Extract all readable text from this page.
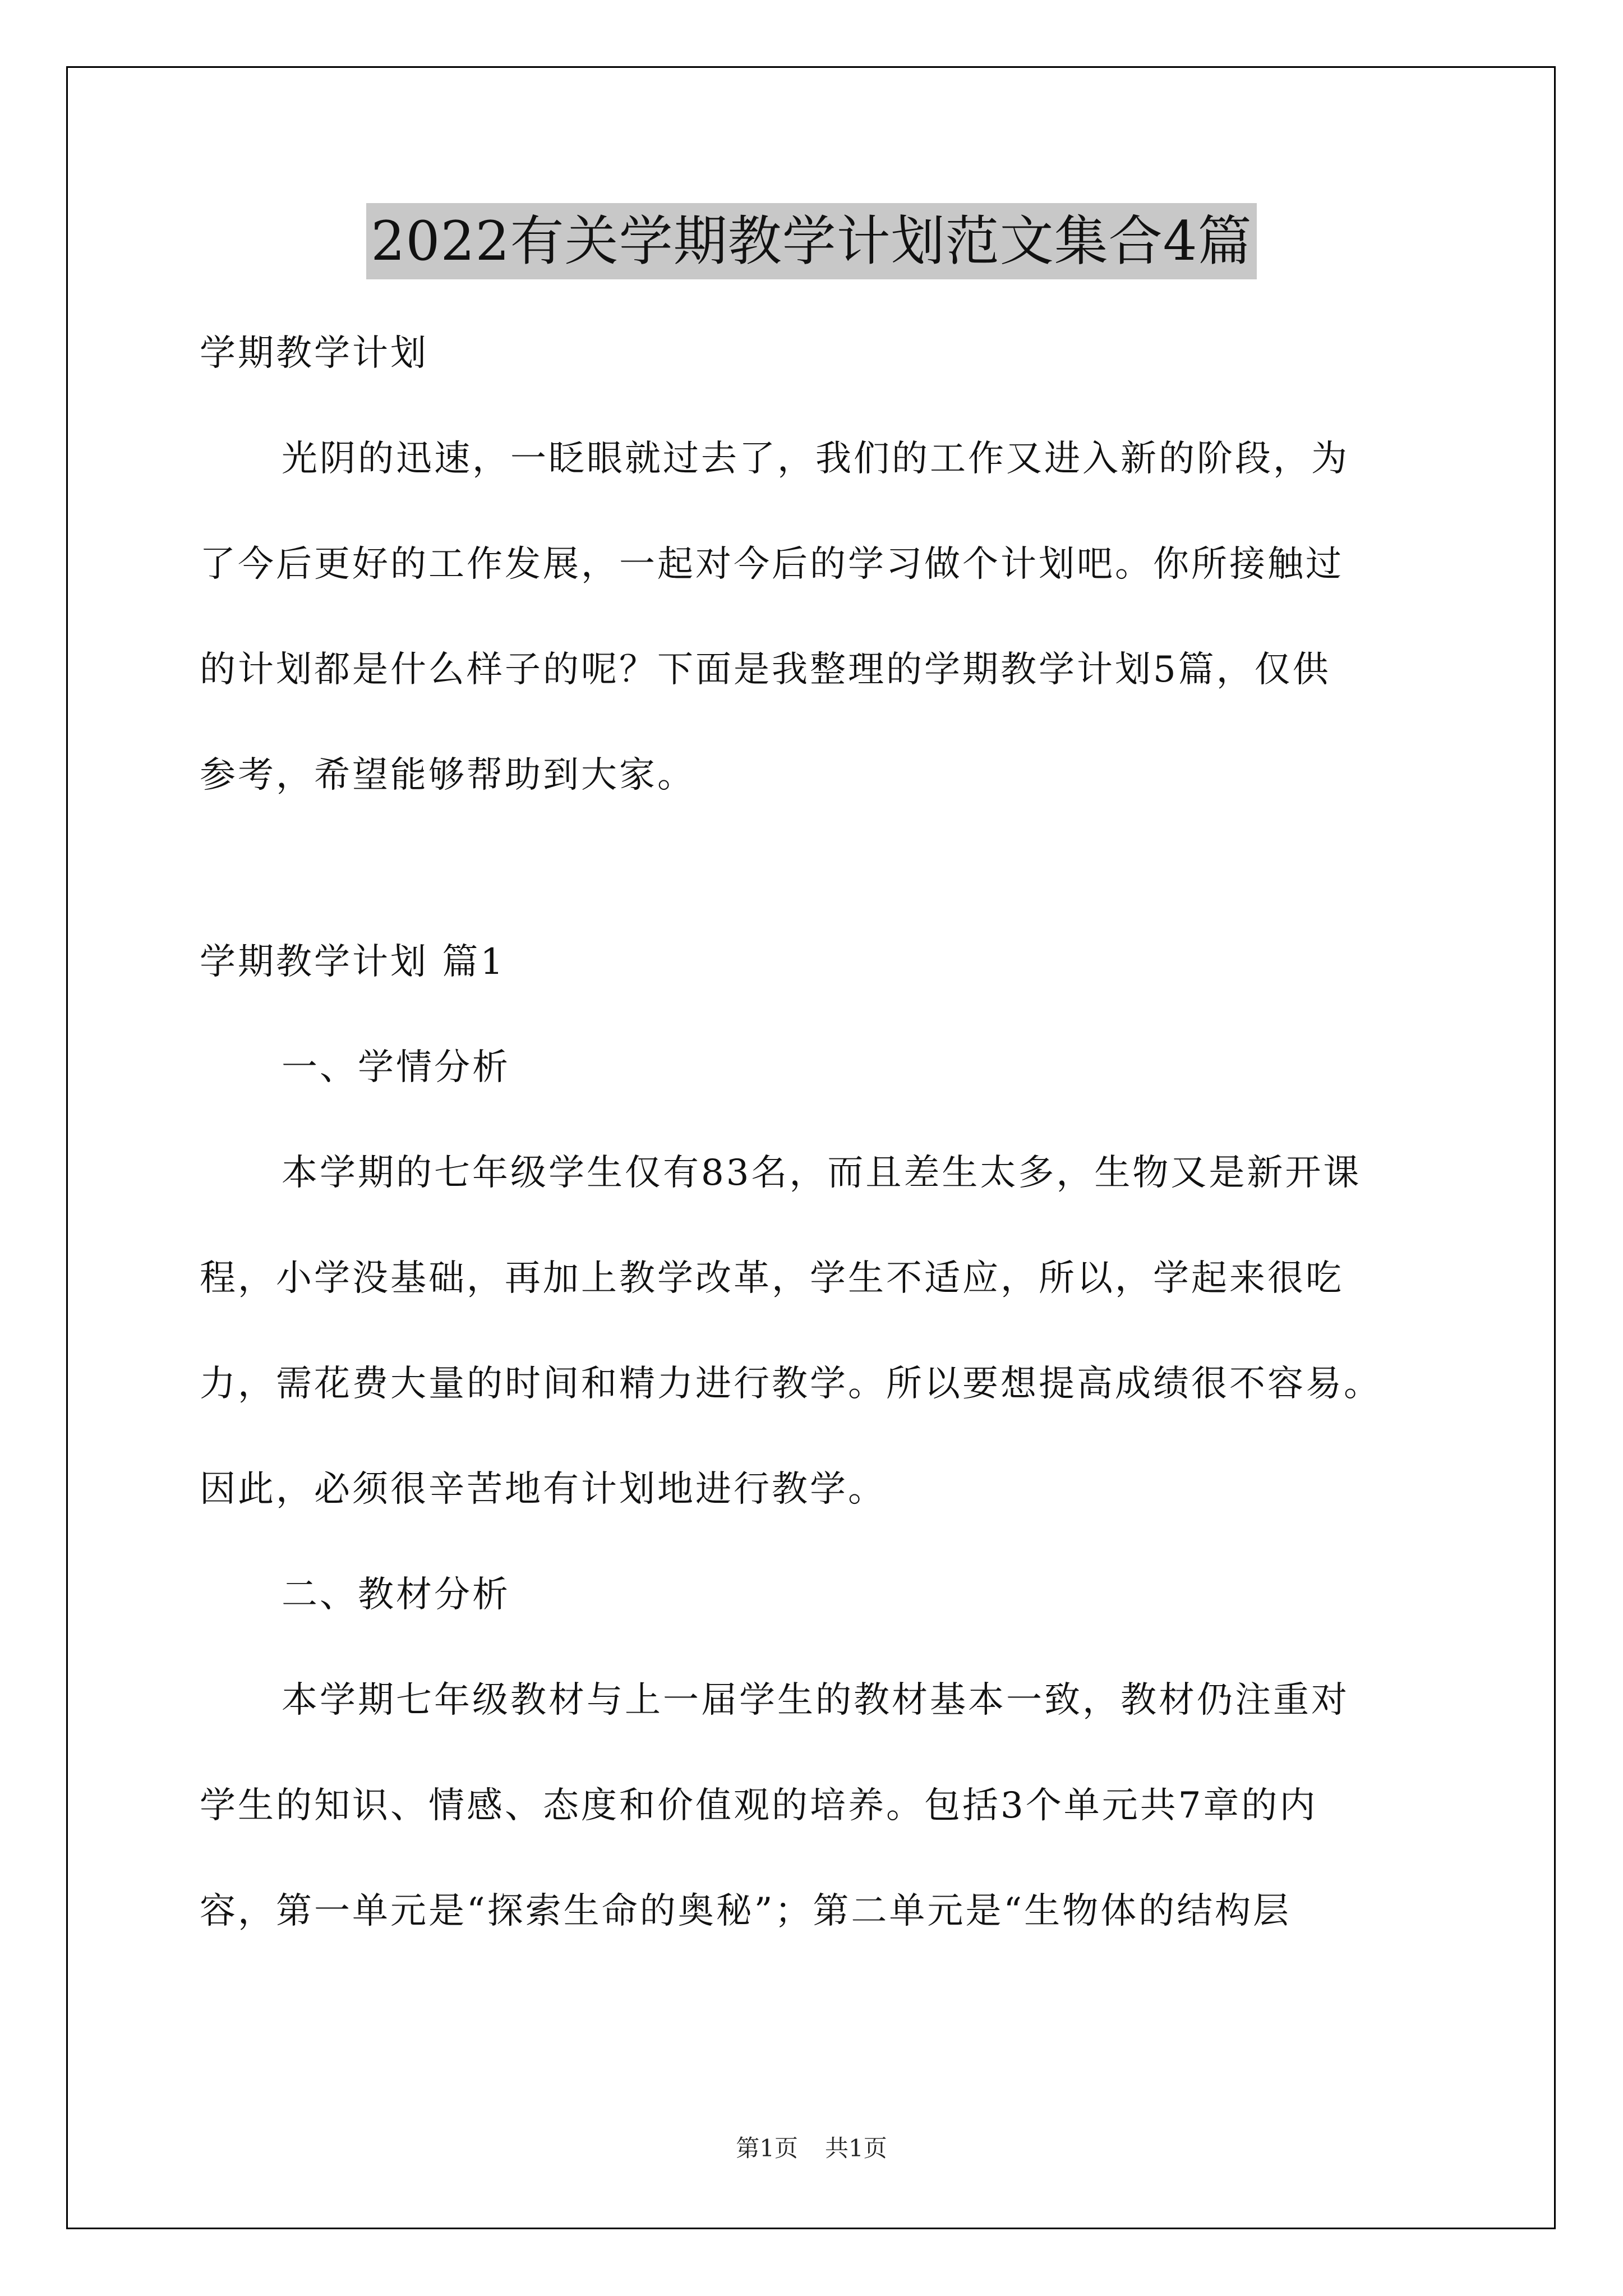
2022有关学期教学计划范文集合4篇

学期教学计划

光阴的迅速，一眨眼就过去了，我们的工作又进入新的阶段，为

了今后更好的工作发展，一起对今后的学习做个计划吧。你所接触过

的计划都是什么样子的呢？下面是我整理的学期教学计划5篇，仅供

参考，希望能够帮助到大家。

学期教学计划 篇1

一、学情分析

本学期的七年级学生仅有83名，而且差生太多，生物又是新开课

程，小学没基础，再加上教学改革，学生不适应，所以，学起来很吃

力，需花费大量的时间和精力进行教学。所以要想提高成绩很不容易。

因此，必须很辛苦地有计划地进行教学。

二、教材分析

本学期七年级教材与上一届学生的教材基本一致，教材仍注重对

学生的知识、情感、态度和价值观的培养。包括3个单元共7章的内

容，第一单元是“探索生命的奥秘”；第二单元是“生物体的结构层

第1页 共1页
